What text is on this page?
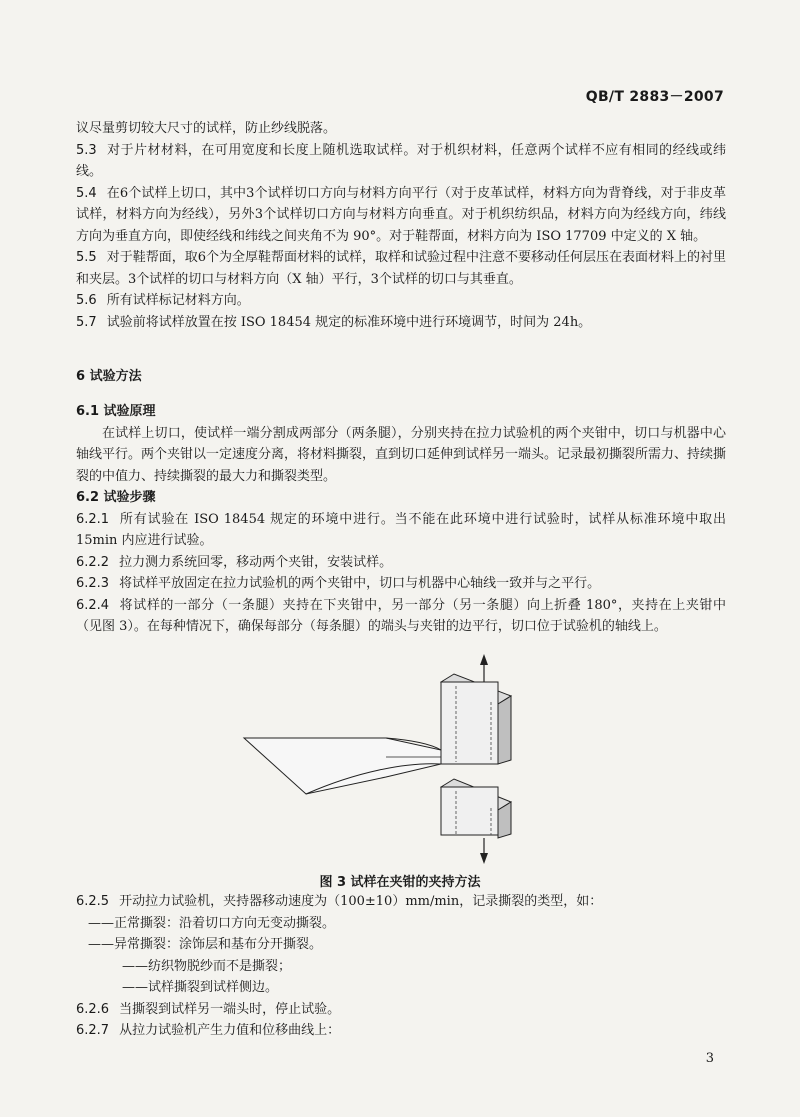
QB/T 2883－2007

议尽量剪切较大尺寸的试样，防止纱线脱落。

5.3 对于片材材料，在可用宽度和长度上随机选取试样。对于机织材料，任意两个试样不应有相同的经线或纬线。

5.4 在6个试样上切口，其中3个试样切口方向与材料方向平行（对于皮革试样，材料方向为背脊线，对于非皮革试样，材料方向为经线），另外3个试样切口方向与材料方向垂直。对于机织纺织品，材料方向为经线方向，纬线方向为垂直方向，即使经线和纬线之间夹角不为 90°。对于鞋帮面，材料方向为 ISO 17709 中定义的 X 轴。

5.5 对于鞋帮面，取6个为全厚鞋帮面材料的试样，取样和试验过程中注意不要移动任何层压在表面材料上的衬里和夹层。3个试样的切口与材料方向（X 轴）平行，3个试样的切口与其垂直。

5.6 所有试样标记材料方向。

5.7 试验前将试样放置在按 ISO 18454 规定的标准环境中进行环境调节，时间为 24h。

6 试验方法

6.1 试验原理

在试样上切口，使试样一端分割成两部分（两条腿），分别夹持在拉力试验机的两个夹钳中，切口与机器中心轴线平行。两个夹钳以一定速度分离，将材料撕裂，直到切口延伸到试样另一端头。记录最初撕裂所需力、持续撕裂的中值力、持续撕裂的最大力和撕裂类型。

6.2 试验步骤

6.2.1 所有试验在 ISO 18454 规定的环境中进行。当不能在此环境中进行试验时，试样从标准环境中取出 15min 内应进行试验。

6.2.2 拉力测力系统回零，移动两个夹钳，安装试样。

6.2.3 将试样平放固定在拉力试验机的两个夹钳中，切口与机器中心轴线一致并与之平行。

6.2.4 将试样的一部分（一条腿）夹持在下夹钳中，另一部分（另一条腿）向上折叠 180°，夹持在上夹钳中（见图 3）。在每种情况下，确保每部分（每条腿）的端头与夹钳的边平行，切口位于试验机的轴线上。

图 3 试样在夹钳的夹持方法

6.2.5 开动拉力试验机，夹持器移动速度为（100±10）mm/min，记录撕裂的类型，如：

——正常撕裂：沿着切口方向无变动撕裂。

——异常撕裂：涂饰层和基布分开撕裂。

——纺织物脱纱而不是撕裂；

——试样撕裂到试样侧边。

6.2.6 当撕裂到试样另一端头时，停止试验。

6.2.7 从拉力试验机产生力值和位移曲线上：

3
